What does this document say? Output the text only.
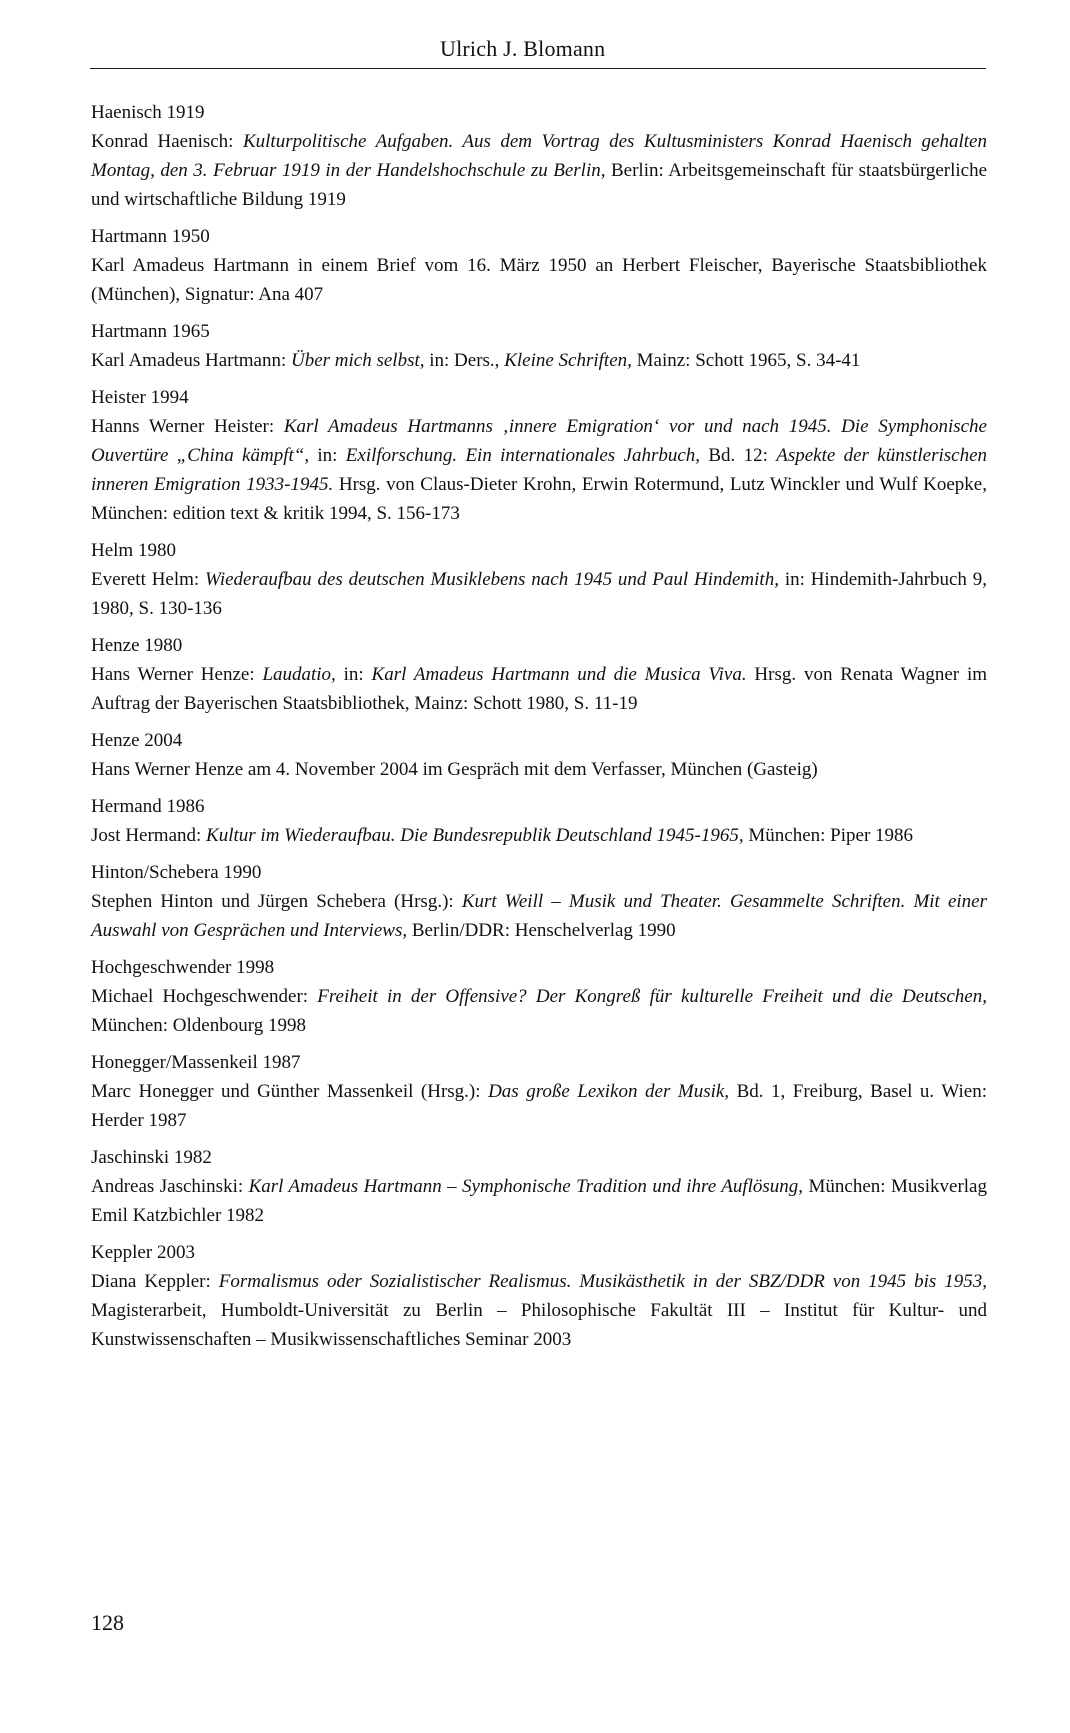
Ulrich J. Blomann
Haenisch 1919
Konrad Haenisch: Kulturpolitische Aufgaben. Aus dem Vortrag des Kultusministers Konrad Haenisch gehalten Montag, den 3. Februar 1919 in der Handelshochschule zu Berlin, Berlin: Arbeitsgemeinschaft für staatsbürgerliche und wirtschaftliche Bildung 1919
Hartmann 1950
Karl Amadeus Hartmann in einem Brief vom 16. März 1950 an Herbert Fleischer, Bayerische Staatsbibliothek (München), Signatur: Ana 407
Hartmann 1965
Karl Amadeus Hartmann: Über mich selbst, in: Ders., Kleine Schriften, Mainz: Schott 1965, S. 34-41
Heister 1994
Hanns Werner Heister: Karl Amadeus Hartmanns ‚innere Emigration‘ vor und nach 1945. Die Symphonische Ouvertüre „China kämpft“, in: Exilforschung. Ein internationales Jahrbuch, Bd. 12: Aspekte der künstlerischen inneren Emigration 1933-1945. Hrsg. von Claus-Dieter Krohn, Erwin Rotermund, Lutz Winckler und Wulf Koepke, München: edition text & kritik 1994, S. 156-173
Helm 1980
Everett Helm: Wiederaufbau des deutschen Musiklebens nach 1945 und Paul Hindemith, in: Hindemith-Jahrbuch 9, 1980, S. 130-136
Henze 1980
Hans Werner Henze: Laudatio, in: Karl Amadeus Hartmann und die Musica Viva. Hrsg. von Renata Wagner im Auftrag der Bayerischen Staatsbibliothek, Mainz: Schott 1980, S. 11-19
Henze 2004
Hans Werner Henze am 4. November 2004 im Gespräch mit dem Verfasser, München (Gasteig)
Hermand 1986
Jost Hermand: Kultur im Wiederaufbau. Die Bundesrepublik Deutschland 1945-1965, München: Piper 1986
Hinton/Schebera 1990
Stephen Hinton und Jürgen Schebera (Hrsg.): Kurt Weill – Musik und Theater. Gesammelte Schriften. Mit einer Auswahl von Gesprächen und Interviews, Berlin/DDR: Henschelverlag 1990
Hochgeschwender 1998
Michael Hochgeschwender: Freiheit in der Offensive? Der Kongreß für kulturelle Freiheit und die Deutschen, München: Oldenbourg 1998
Honegger/Massenkeil 1987
Marc Honegger und Günther Massenkeil (Hrsg.): Das große Lexikon der Musik, Bd. 1, Freiburg, Basel u. Wien: Herder 1987
Jaschinski 1982
Andreas Jaschinski: Karl Amadeus Hartmann – Symphonische Tradition und ihre Auflösung, München: Musikverlag Emil Katzbichler 1982
Keppler 2003
Diana Keppler: Formalismus oder Sozialistischer Realismus. Musikästhetik in der SBZ/DDR von 1945 bis 1953, Magisterarbeit, Humboldt-Universität zu Berlin – Philosophische Fakultät III – Institut für Kultur- und Kunstwissenschaften – Musikwissenschaftliches Seminar 2003
128
